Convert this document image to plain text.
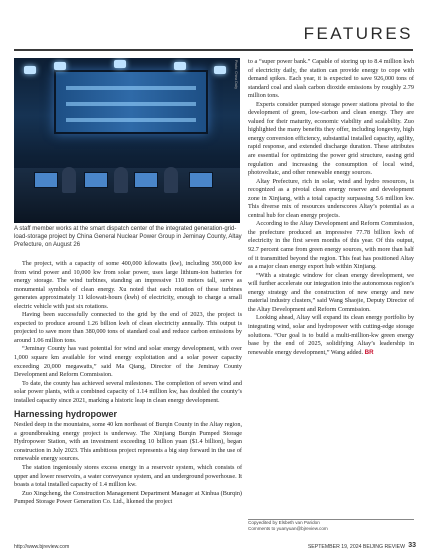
FEATURES
Photo: China Daily
A staff member works at the smart dispatch center of the integrated generation-grid-load-storage project by China General Nuclear Power Group in Jeminay County, Altay Prefecture, on August 26

The project, with a capacity of some 400,000 kilowatts (kw), including 390,000 kw from wind power and 10,000 kw from solar power, uses large lithium-ion batteries for energy storage. The wind turbines, standing an impressive 110 meters tall, serve as monumental symbols of clean energy. Xu noted that each rotation of these turbines generates approximately 11 kilowatt-hours (kwh) of electricity, enough to charge a small electric vehicle with just six rotations.

Having been successfully connected to the grid by the end of 2023, the project is expected to produce around 1.26 billion kwh of clean electricity annually. This output is projected to save more than 380,000 tons of standard coal and reduce carbon emissions by around 1.06 million tons.

“Jeminay County has vast potential for wind and solar energy development, with over 1,000 square km available for wind energy exploitation and a solar power capacity exceeding 20,000 megawatts,” said Ma Qiang, Director of the Jeminay County Development and Reform Commission.

To date, the county has achieved several milestones. The completion of seven wind and solar power plants, with a combined capacity of 1.14 million kw, has doubled the county’s installed capacity since 2021, marking a historic leap in clean energy development.

Harnessing hydropower

Nestled deep in the mountains, some 40 km northeast of Burqin County in the Altay region, a groundbreaking energy project is underway. The Xinjiang Burqin Pumped Storage Hydropower Station, with an investment exceeding 10 billion yuan ($1.4 billion), began construction in July 2023. This ambitious project represents a big step forward in the use of renewable energy sources.

The station ingeniously stores excess energy in a reservoir system, which consists of upper and lower reservoirs, a water conveyance system, and an underground powerhouse. It boasts a total installed capacity of 1.4 million kw.

Zuo Xingcheng, the Construction Management Department Manager at Xinhua (Burqin) Pumped Storage Power Generation Co. Ltd., likened the project

to a “super power bank.” Capable of storing up to 8.4 million kwh of electricity daily, the station can provide energy to cope with demand spikes. Each year, it is expected to save 926,000 tons of standard coal and slash carbon dioxide emissions by roughly 2.79 million tons.

Experts consider pumped storage power stations pivotal to the development of green, low-carbon and clean energy. They are valued for their maturity, economic viability and scalability. Zuo highlighted the many benefits they offer, including longevity, high energy conversion efficiency, substantial installed capacity, agility, rapid response, and extended discharge duration. These attributes are essential for optimizing the power grid structure, easing grid regulation and increasing the consumption of local wind, photovoltaic, and other renewable energy sources.

Altay Prefecture, rich in solar, wind and hydro resources, is recognized as a pivotal clean energy reserve and development zone in Xinjiang, with a total capacity surpassing 5.6 million kw. This diverse mix of resources underscores Altay’s potential as a central hub for clean energy projects.

According to the Altay Development and Reform Commission, the prefecture produced an impressive 77.78 billion kwh of electricity in the first seven months of this year. Of this output, 92.7 percent came from green energy sources, with more than half of it transmitted beyond the region. This feat has positioned Altay as a major clean energy export hub within Xinjiang.

“With a strategic window for clean energy development, we will further accelerate our integration into the autonomous region’s energy strategy and the construction of new energy and new material industry clusters,” said Wang Shaojie, Deputy Director of the Altay Development and Reform Commission.

Looking ahead, Altay will expand its clean energy portfolio by integrating wind, solar and hydropower with cutting-edge storage solutions. “Our goal is to build a multi-million-kw green energy base by the end of 2025, solidifying Altay’s leadership in renewable energy development,” Wang added. BR

Copyedited by Elsbeth van Paridon
Comments to yuanyuan@bjreview.com
http://www.bjreview.com	SEPTEMBER 19, 2024 BEIJING REVIEW 33
